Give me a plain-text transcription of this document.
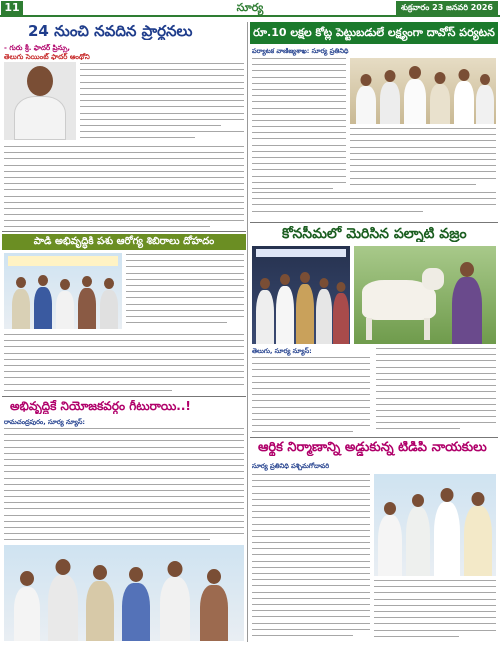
11	సూర్య	శుక్రవారం 23 జనవరి 2026
24 నుంచి నవదిన ప్రార్థనలు
- గురు శ్రీ. ఫాదర్ ప్రిన్సు,
తెలుగు సెయింట్ ఫాదర్ ఆంథోని
పాడి అభివృద్ధికి పశు ఆరోగ్య శిబిరాలు దోహదం
అభివృద్ధికే నియోజకవర్గం గీటురాయి..!
రామచంద్రపురం, సూర్య న్యూస్:
రూ.10 లక్షల కోట్ల పెట్టుబడులే లక్ష్యంగా దావోస్ పర్యటన
పర్యాటక వాణిజ్యశాఖ: సూర్య ప్రతినిధి
కోనసీమలో మెరిసిన పల్నాటి వజ్రం
తెలుగు, సూర్య న్యూస్:
ఆర్థిక నిర్మాణాన్ని అడ్డుకున్న టీడీపీ నాయకులు
సూర్య ప్రతినిధి పశ్చిమగోదావరి
